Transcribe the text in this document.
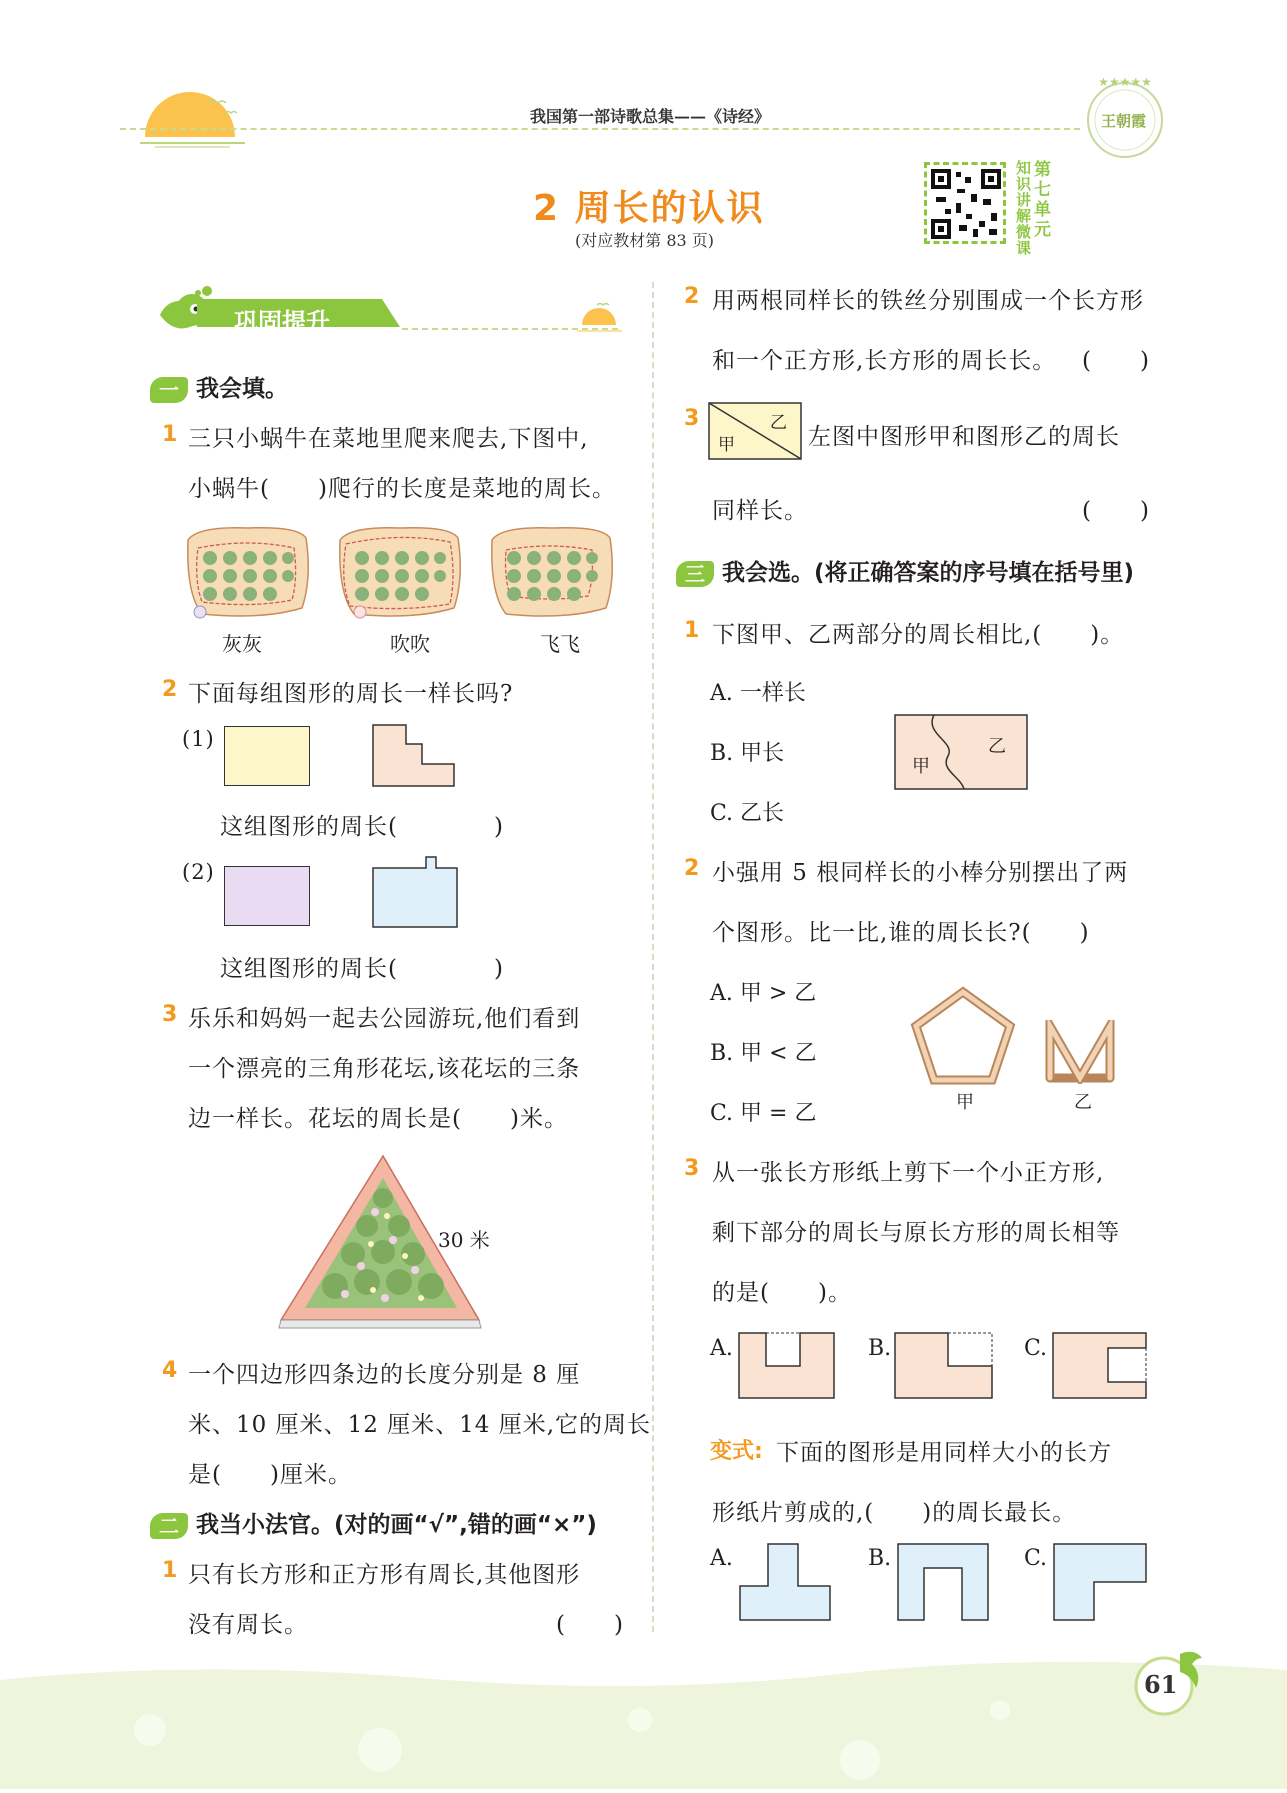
我国第一部诗歌总集——《诗经》
★★★★★
王朝霞
2 周长的认识
(对应教材第 83 页)
知识讲解微课
第七单元
巩固提升
一 我会填。
1 三只小蜗牛在菜地里爬来爬去,下图中,
小蜗牛(　　)爬行的长度是菜地的周长。
灰灰	吹吹	飞飞
2 下面每组图形的周长一样长吗?
(1)
这组图形的周长(　　　　)
(2)
这组图形的周长(　　　　)
3 乐乐和妈妈一起去公园游玩,他们看到
一个漂亮的三角形花坛,该花坛的三条
边一样长。花坛的周长是(　　)米。
30 米
4 一个四边形四条边的长度分别是 8 厘
米、10 厘米、12 厘米、14 厘米,它的周长
是(　　)厘米。
二 我当小法官。(对的画“√”,错的画“×”)
1 只有长方形和正方形有周长,其他图形
没有周长。	(　　)
2 用两根同样长的铁丝分别围成一个长方形
和一个正方形,长方形的周长长。 (　　)
3
甲
乙
左图中图形甲和图形乙的周长
同样长。	(　　)
三 我会选。(将正确答案的序号填在括号里)
1 下图甲、乙两部分的周长相比,(　　)。
A. 一样长
B. 甲长
C. 乙长
甲
乙
2 小强用 5 根同样长的小棒分别摆出了两
个图形。比一比,谁的周长长?(　　)
A. 甲 > 乙
B. 甲 < 乙
C. 甲 = 乙	甲	乙
3 从一张长方形纸上剪下一个小正方形,
剩下部分的周长与原长方形的周长相等
的是(　　)。
A.	B.	C.
变式: 下面的图形是用同样大小的长方
形纸片剪成的,(　　)的周长最长。
A.	B.	C.
61
